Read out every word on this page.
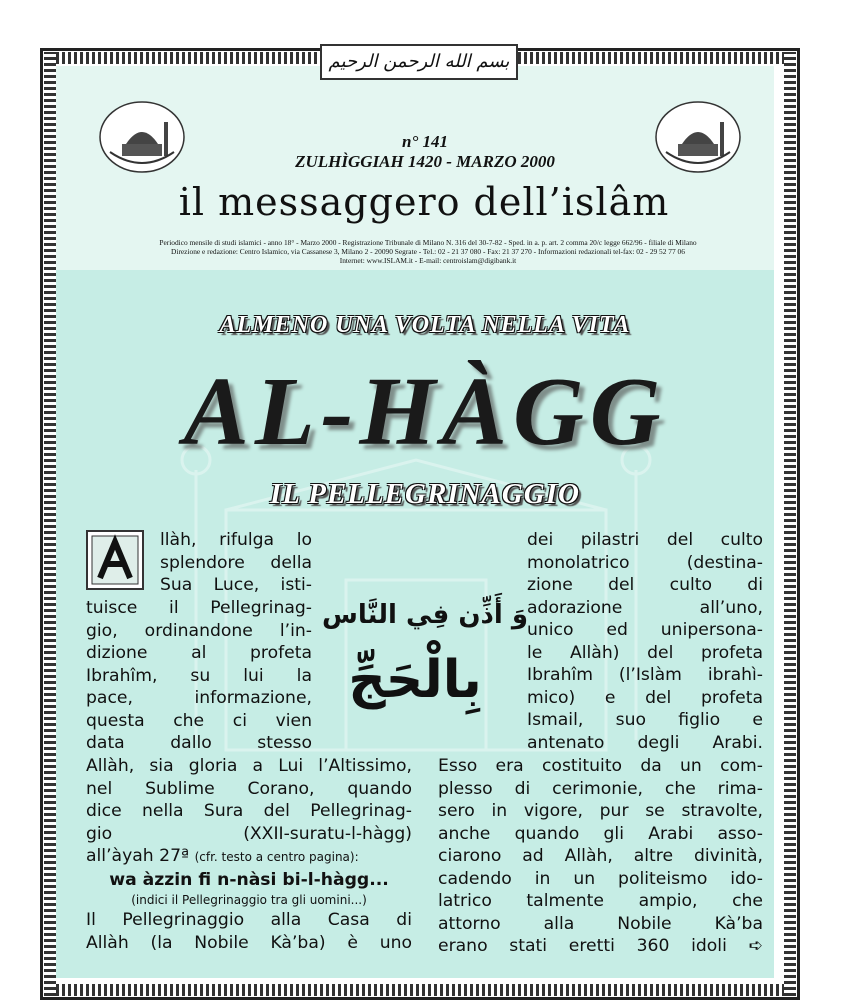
بسم الله الرحمن الرحيم
n° 141
ZULHÌGGIAH 1420 - MARZO 2000
il messaggero dell’islâm
Periodico mensile di studi islamici - anno 18° - Marzo 2000 - Registrazione Tribunale di Milano N. 316 del 30-7-82 - Sped. in a. p. art. 2 comma 20/c legge 662/96 - filiale di Milano
Direzione e redazione: Centro Islamico, via Cassanese 3, Milano 2 - 20090 Segrate - Tel.: 02 - 21 37 080 - Fax: 21 37 270 - Informazioni redazionali tel-fax: 02 - 29 52 77 06
Internet: www.ISLAM.it - E-mail: centroislam@digibank.it
ALMENO UNA VOLTA NELLA VITA
AL-HÀGG
IL PELLEGRINAGGIO
وَ أَذِّن فِي النَّاس
بِالْحَجِّ
llàh, rifulga lo
splendore della
Sua Luce, isti-
tuisce il Pellegrinag-
gio, ordinandone l’in-
dizione al profeta
Ibrahîm, su lui la
pace, informazione,
questa che ci vien
data dallo stesso
Allàh, sia gloria a Lui l’Altissimo,
nel Sublime Corano, quando
dice nella Sura del Pellegrinag-
gio (XXII-suratu-l-hàgg)
all’àyah 27ª (cfr. testo a centro pagina):
wa àzzin fi n-nàsi bi-l-hàgg...
(indici il Pellegrinaggio tra gli uomini...)
Il Pellegrinaggio alla Casa di
Allàh (la Nobile Kà’ba) è uno
dei pilastri del culto
monolatrico (destina-
zione del culto di
adorazione all’uno,
unico ed unipersona-
le Allàh) del profeta
Ibrahîm (l’Islàm ibrahì-
mico) e del profeta
Ismail, suo figlio e
antenato degli Arabi.
Esso era costituito da un com-
plesso di cerimonie, che rima-
sero in vigore, pur se stravolte,
anche quando gli Arabi asso-
ciarono ad Allàh, altre divinità,
cadendo in un politeismo ido-
latrico talmente ampio, che
attorno alla Nobile Kà’ba
erano stati eretti 360 idoli ➪
